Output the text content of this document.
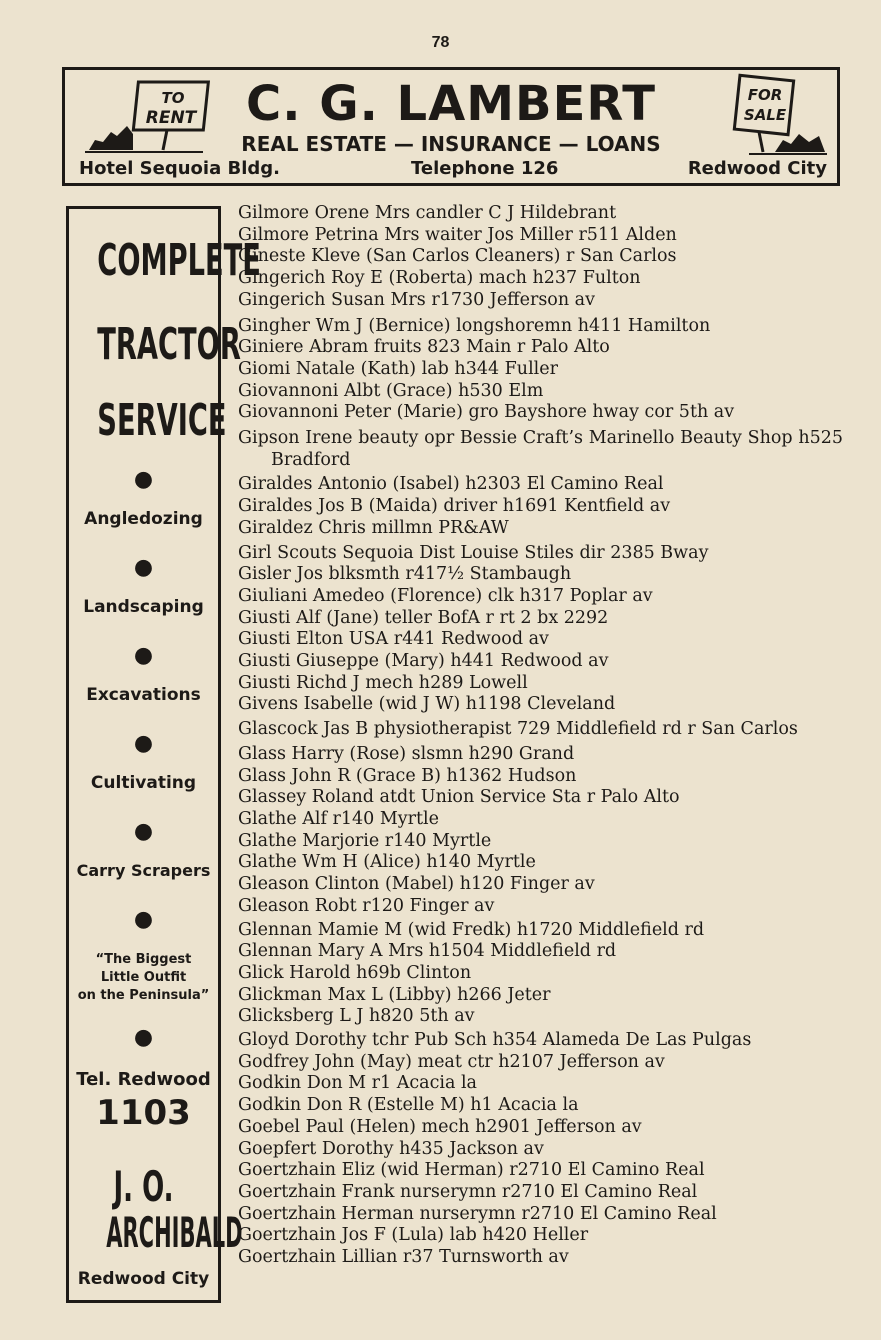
78
TO
RENT
FOR
SALE
C. G. LAMBERT
REAL ESTATE — INSURANCE — LOANS
Hotel Sequoia Bldg.	Telephone 126	Redwood City
COMPLETE
TRACTOR
SERVICE
●
Angledozing
●
Landscaping
●
Excavations
●
Cultivating
●
Carry Scrapers
●
“The Biggest
Little Outfit
on the Peninsula”
●
Tel. Redwood
1103
J. O.
ARCHIBALD
Redwood City
Gilmore Orene Mrs candler C J Hildebrant
Gilmore Petrina Mrs waiter Jos Miller r511 Alden
Gineste Kleve (San Carlos Cleaners) r San Carlos
Gingerich Roy E (Roberta) mach h237 Fulton
Gingerich Susan Mrs r1730 Jefferson av
Gingher Wm J (Bernice) longshoremn h411 Hamilton
Giniere Abram fruits 823 Main r Palo Alto
Giomi Natale (Kath) lab h344 Fuller
Giovannoni Albt (Grace) h530 Elm
Giovannoni Peter (Marie) gro Bayshore hway cor 5th av
Gipson Irene beauty opr Bessie Craft’s Marinello Beauty Shop h525 Bradford
Giraldes Antonio (Isabel) h2303 El Camino Real
Giraldes Jos B (Maida) driver h1691 Kentfield av
Giraldez Chris millmn PR&AW
Girl Scouts Sequoia Dist Louise Stiles dir 2385 Bway
Gisler Jos blksmth r417½ Stambaugh
Giuliani Amedeo (Florence) clk h317 Poplar av
Giusti Alf (Jane) teller BofA r rt 2 bx 2292
Giusti Elton USA r441 Redwood av
Giusti Giuseppe (Mary) h441 Redwood av
Giusti Richd J mech h289 Lowell
Givens Isabelle (wid J W) h1198 Cleveland
Glascock Jas B physiotherapist 729 Middlefield rd r San Carlos
Glass Harry (Rose) slsmn h290 Grand
Glass John R (Grace B) h1362 Hudson
Glassey Roland atdt Union Service Sta r Palo Alto
Glathe Alf r140 Myrtle
Glathe Marjorie r140 Myrtle
Glathe Wm H (Alice) h140 Myrtle
Gleason Clinton (Mabel) h120 Finger av
Gleason Robt r120 Finger av
Glennan Mamie M (wid Fredk) h1720 Middlefield rd
Glennan Mary A Mrs h1504 Middlefield rd
Glick Harold h69b Clinton
Glickman Max L (Libby) h266 Jeter
Glicksberg L J h820 5th av
Gloyd Dorothy tchr Pub Sch h354 Alameda De Las Pulgas
Godfrey John (May) meat ctr h2107 Jefferson av
Godkin Don M r1 Acacia la
Godkin Don R (Estelle M) h1 Acacia la
Goebel Paul (Helen) mech h2901 Jefferson av
Goepfert Dorothy h435 Jackson av
Goertzhain Eliz (wid Herman) r2710 El Camino Real
Goertzhain Frank nurserymn r2710 El Camino Real
Goertzhain Herman nurserymn r2710 El Camino Real
Goertzhain Jos F (Lula) lab h420 Heller
Goertzhain Lillian r37 Turnsworth av
